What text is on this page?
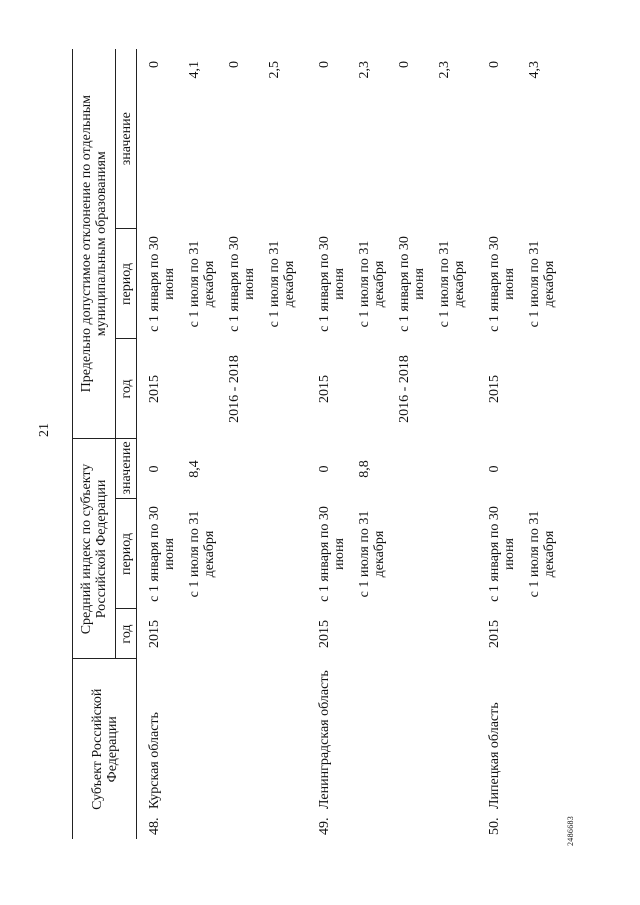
21
2486683
Субъект Российской Федерации	Средний индекс по субъекту Российской Федерации			Предельно допустимое отклонение по отдельным муниципальным образованиям		
	год	период	значение	год	период	значение
48.Курская область	2015	с 1 января по 30 июня	0	2015	с 1 января по 30 июня	0
		с 1 июля по 31 декабря	8,4		с 1 июля по 31 декабря	4,1
				2016 - 2018	с 1 января по 30 июня	0
					с 1 июля по 31 декабря	2,5
49.Ленинградская область	2015	с 1 января по 30 июня	0	2015	с 1 января по 30 июня	0
		с 1 июля по 31 декабря	8,8		с 1 июля по 31 декабря	2,3
				2016 - 2018	с 1 января по 30 июня	0
					с 1 июля по 31 декабря	2,3
50.Липецкая область	2015	с 1 января по 30 июня	0	2015	с 1 января по 30 июня	0
		с 1 июля по 31 декабря			с 1 июля по 31 декабря	4,3
